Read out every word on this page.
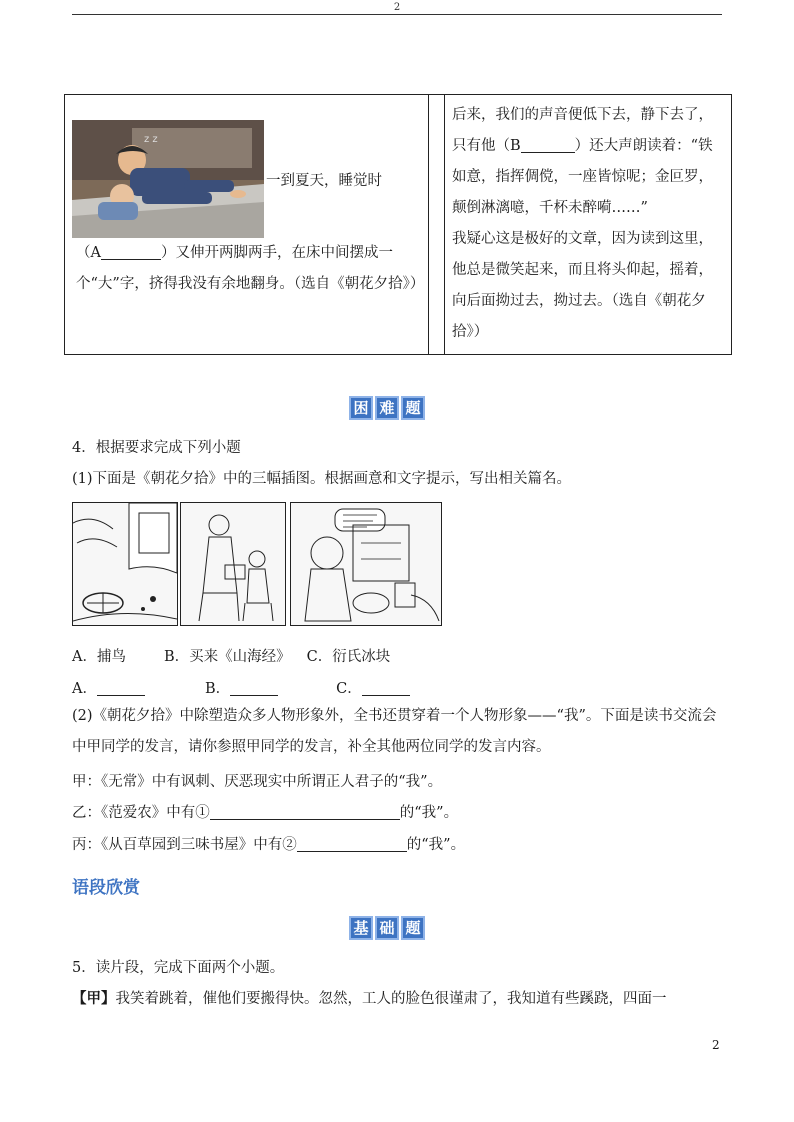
2
z z
一到夏天，睡觉时
（A	）又伸开两脚两手，在床中间摆成一个“大”字，挤得我没有余地翻身。（选自《朝花夕拾》）
后来，我们的声音便低下去，静下去了，只有他（B	）还大声朗读着：“铁如意，指挥倜傥，一座皆惊呢；金叵罗，颠倒淋漓噫，千杯未醉嗬……”
我疑心这是极好的文章，因为读到这里，他总是微笑起来，而且将头仰起，摇着，向后面拗过去，拗过去。（选自《朝花夕拾》）
困 难 题
4．根据要求完成下列小题
(1)下面是《朝花夕拾》中的三幅插图。根据画意和文字提示，写出相关篇名。
A．捕鸟	B．买来《山海经》 C．衍氏冰块
A．	B．	C．
(2)《朝花夕拾》中除塑造众多人物形象外，全书还贯穿着一个人物形象——“我”。下面是读书交流会中甲同学的发言，请你参照甲同学的发言，补全其他两位同学的发言内容。
甲：《无常》中有讽刺、厌恶现实中所谓正人君子的“我”。
乙：《范爱农》中有①	的“我”。
丙：《从百草园到三味书屋》中有②	的“我”。
语段欣赏
基 础 题
5．读片段，完成下面两个小题。
【甲】我笑着跳着，催他们要搬得快。忽然，工人的脸色很谨肃了，我知道有些蹊跷，四面一
2
